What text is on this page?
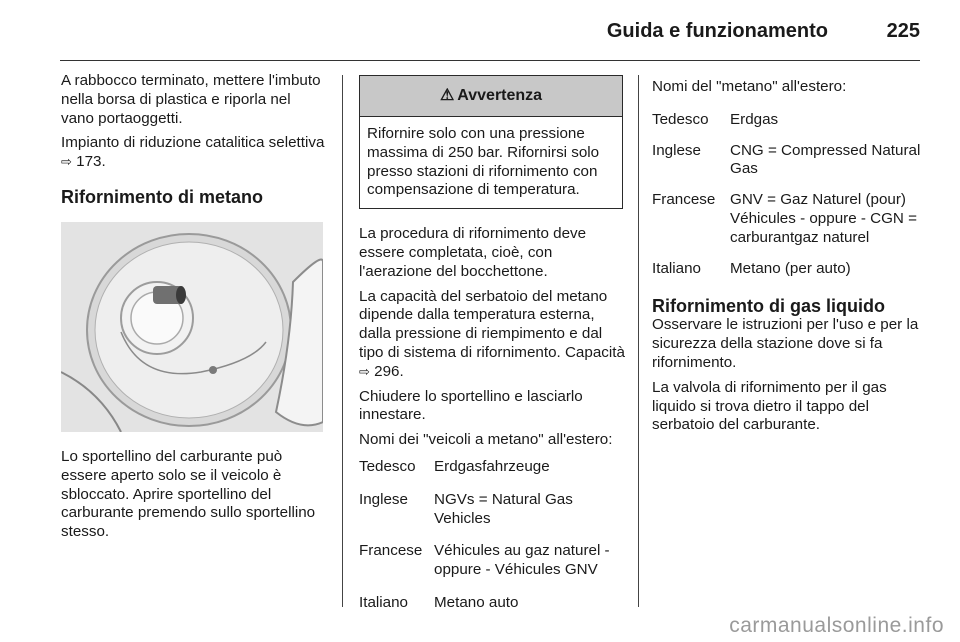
Guida e funzionamento	225

A rabbocco terminato, mettere l'imbuto nella borsa di plastica e riporla nel vano portaoggetti.

Impianto di riduzione catalitica selettiva ⇨ 173.

Rifornimento di metano

Lo sportellino del carburante può essere aperto solo se il veicolo è sbloccato. Aprire sportellino del carburante premendo sullo sportellino stesso.

⚠ Avvertenza
Rifornire solo con una pressione massima di 250 bar. Rifornirsi solo presso stazioni di rifornimento con compensazione di temperatura.

La procedura di rifornimento deve essere completata, cioè, con l'aerazione del bocchettone.

La capacità del serbatoio del metano dipende dalla temperatura esterna, dalla pressione di riempimento e dal tipo di sistema di rifornimento. Capacità ⇨ 296.

Chiudere lo sportellino e lasciarlo innestare.

Nomi dei "veicoli a metano" all'estero:

Tedesco	Erdgasfahrzeuge
Inglese	NGVs = Natural Gas Vehicles
Francese Véhicules au gaz naturel - oppure - Véhicules GNV
Italiano	Metano auto

Nomi del "metano" all'estero:

Tedesco	Erdgas
Inglese	CNG = Compressed Natural Gas
Francese GNV = Gaz Naturel (pour) Véhicules - oppure - CGN = carburantgaz naturel
Italiano	Metano (per auto)
Rifornimento di gas liquido

Osservare le istruzioni per l'uso e per la sicurezza della stazione dove si fa rifornimento.

La valvola di rifornimento per il gas liquido si trova dietro il tappo del serbatoio del carburante.

carmanualsonline.info
